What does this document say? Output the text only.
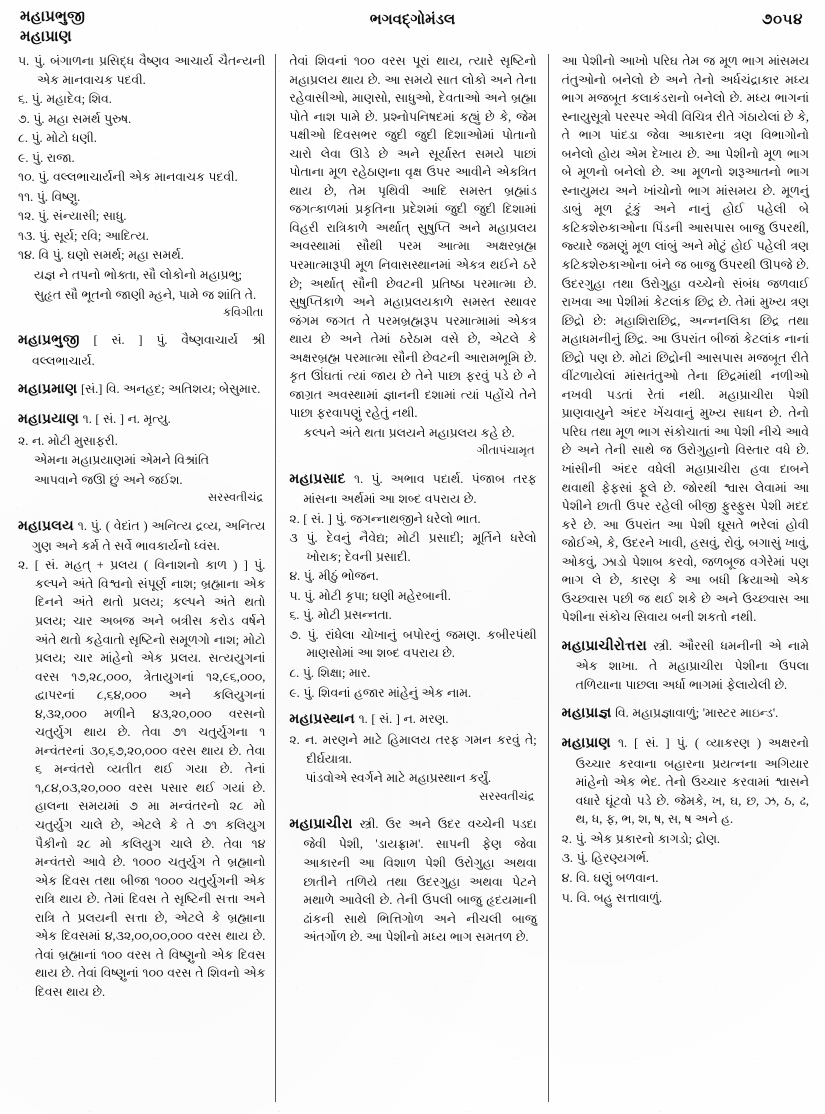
મહાપ્રભુજી
મહાપ્રાણ
ભગવદ્ગોમંડલ	૭૦૫૪

૫. પું. બંગાળના પ્રસિદ્ધ વૈષ્ણવ આચાર્ય ચૈતન્યની એક માનવાચક પદવી.

૬. પું. મહાદેવ; શિવ.

૭. પું. મહા સમર્થ પુરુષ.

૮. પું. મોટો ધણી.

૯. પું. રાજા.

૧૦. પું. વલ્લભાચાર્યની એક માનવાચક પદવી.

૧૧. પું. વિષ્ણુ.

૧૨. પું. સંન્યાસી; સાધુ.

૧૩. પું. સૂર્ય; રવિ; આદિત્ય.

૧૪. વિ પું. ઘણો સમર્થ; મહા સમર્થ.

યજ્ઞ ને તપનો ભોક્તા, સૌ લોકોનો મહાપ્રભુ;

સુહૃત સૌ ભૂતનો જાણી મ્હને, પામે જ શાંતિ તે.

કવિગીતા

મહાપ્રભુજી [ સં. ] પું. વૈષ્ણવાચાર્ય શ્રી વલ્લભાચાર્ય.

મહાપ્રમાણ [સં.] વિ. અનહદ; અતિશય; બેસુમાર.

મહાપ્રયાણ ૧. [ સં. ] ન. મૃત્યુ.

૨. ન. મોટી મુસાફરી.

એમના મહાપ્રયાણમાં એમને વિશ્રાંતિ

આપવાને જઊ છું અને જઈશ.

સરસ્વતીચંદ્ર

મહાપ્રલય ૧. પું. ( વેદાંત ) અનિત્ય દ્રવ્ય, અનિત્ય ગુણ અને કર્મ તે સર્વે ભાવકાર્યનો ધ્વંસ.

૨. [ સં. મહત્ + પ્રલય ( વિનાશનો કાળ ) ] પું. કલ્પને અંતે વિશ્વનો સંપૂર્ણ નાશ; બ્રહ્માના એક દિનને અંતે થતો પ્રલય; કલ્પને અંતે થતો પ્રલય; ચાર અબજ અને બત્રીસ કરોડ વર્ષને અંતે થતો કહેવાતો સૃષ્ટિનો સમૂળગો નાશ; મોટો પ્રલય; ચાર માંહેનો એક પ્રલય. સત્યયુગનાં વરસ ૧૭,૨૮,૦૦૦, ત્રેતાયુગનાં ૧૨,૯૬,૦૦૦, દ્વાપરનાં ૮,૬૪,૦૦૦ અને કલિયુગનાં ૪,૩૨,૦૦૦ મળીને ૪૩,૨૦,૦૦૦ વરસનો ચતુર્યુગ થાય છે. તેવા ૭૧ ચતુર્યુગના ૧ મન્વંતરનાં ૩૦,૬૭,૨૦,૦૦૦ વરસ થાય છે. તેવા ૬ મન્વંતરો વ્યતીત થઈ ગયા છે. તેનાં ૧,૮૪,૦૩,૨૦,૦૦૦ વરસ પસાર થઈ ગયાં છે. હાલના સમયમાં ૭ મા મન્વંતરનો ૨૮ મો ચતુર્યુગ ચાલે છે, એટલે કે તે ૭૧ કલિયુગ પૈકીનો ૨૮ મો કલિયુગ ચાલે છે. તેવા ૧૪ મન્વંતરો આવે છે. ૧૦૦૦ ચતુર્યુગ તે બ્રહ્માનો એક દિવસ તથા બીજા ૧૦૦૦ ચતુર્યુગની એક રાત્રિ થાય છે. તેમાં દિવસ તે સૃષ્ટિની સત્તા અને રાત્રિ તે પ્રલયની સત્તા છે, એટલે કે બ્રહ્માના એક દિવસમાં ૪,૩૨,૦૦,૦૦,૦૦૦ વરસ થાય છે. તેવાં બ્રહ્માનાં ૧૦૦ વરસ તે વિષ્ણુનો એક દિવસ થાય છે. તેવાં વિષ્ણુનાં ૧૦૦ વરસ તે શિવનો એક દિવસ થાય છે.

તેવાં શિવનાં ૧૦૦ વરસ પૂરાં થાય, ત્યારે સૃષ્ટિનો મહાપ્રલય થાય છે. આ સમયે સાત લોકો અને તેના રહેવાસીઓ, માણસો, સાધુઓ, દેવતાઓ અને બ્રહ્મા પોતે નાશ પામે છે. પ્રશ્નોપનિષદમાં કહ્યું છે કે, જેમ પક્ષીઓ દિવસભર જુદી જુદી દિશાઓમાં પોતાનો ચારો લેવા ઊડે છે અને સૂર્યાસ્ત સમયે પાછાં પોતાના મૂળ રહેઠાણના વૃક્ષ ઉપર આવીને એકત્રિત થાય છે, તેમ પૃથિવી આદિ સમસ્ત બ્રહ્માંડ જગત્કાળમાં પ્રકૃતિના પ્રદેશમાં જુદી જુદી દિશામાં વિહરી રાત્રિકાળે અર્થાત્ સુષુપ્તિ અને મહાપ્રલય અવસ્થામાં સૌથી પરમ આત્મા અક્ષરબ્રહ્મ પરમાત્મારૂપી મૂળ નિવાસસ્થાનમાં એકત્ર થઈને ઠરે છે; અર્થાત્ સૌની છેવટની પ્રતિષ્ઠા પરમાત્મા છે. સુષુપ્તિકાળે અને મહાપ્રલયકાળે સમસ્ત સ્થાવર જંગમ જગત તે પરમબ્રહ્મરૂપ પરમાત્મામાં એકત્ર થાય છે અને તેમાં ઠરેઠામ વસે છે, એટલે કે અક્ષરબ્રહ્મ પરમાત્મા સૌની છેવટની આરામભૂમિ છે. કૃત ઊંઘતાં ત્યાં જાય છે તેને પાછા ફરવું પડે છે ને જાગ્રત અવસ્થામાં જ્ઞાનની દશામાં ત્યાં પહોંચે તેને પાછા ફરવાપણું રહેતું નથી.

કલ્પને અંતે થતા પ્રલયને મહાપ્રલય કહે છે.

ગીતાપંચામૃત

મહાપ્રસાદ ૧. પું. અભાવ પદાર્થ. પંજાબ તરફ માંસના અર્થમાં આ શબ્દ વપરાય છે.

૨. [ સં. ] પું. જગન્નાથજીને ધરેલો ભાત.

૩ પું. દેવનું નૈવેદ્ય; મોટી પ્રસાદી; મૂર્તિને ધરેલો ખોરાક; દેવની પ્રસાદી.

૪. પું. મીઠું ભોજન.

૫. પું. મોટી કૃપા; ઘણી મહેરબાની.

૬. પું. મોટી પ્રસન્નતા.

૭. પું. રાંધેલા ચોખાનું બપોરનું જમણ. કબીરપંથી માણસોમાં આ શબ્દ વપરાય છે.

૮. પું. શિક્ષા; માર.

૯. પું. શિવનાં હજાર માંહેનું એક નામ.

મહાપ્રસ્થાન ૧. [ સં. ] ન. મરણ.

૨. ન. મરણને માટે હિમાલય તરફ ગમન કરવું તે; દીર્ઘયાત્રા.

પાંડવોએ સ્વર્ગને માટે મહાપ્રસ્થાન કર્યું.

સરસ્વતીચંદ્ર

મહાપ્રાચીરા સ્ત્રી. ઉર અને ઉદર વચ્ચેની પડદા જેવી પેશી, 'ડાયફ્રામ'. સાપની ફેણ જેવા આકારની આ વિશાળ પેશી ઉરોગુહા અથવા છાતીને તળિયે તથા ઉદરગુહા અથવા પેટને મથાળે આવેલી છે. તેની ઉપલી બાજુ હૃદયમાની ઢાંકની સાથે ભિત્તિગોળ અને નીચલી બાજુ અંતર્ગોળ છે. આ પેશીનો મધ્ય ભાગ સમતળ છે.

આ પેશીનો આખો પરિઘ તેમ જ મૂળ ભાગ માંસમય તંતુઓનો બનેલો છે અને તેનો અર્ધચંદ્રાકાર મધ્ય ભાગ મજબૂત કલાકંડરાનો બનેલો છે. મધ્ય ભાગનાં સ્નાયુસૂત્રો પરસ્પર એવી વિચિત્ર રીતે ગંઠાયેલાં છે કે, તે ભાગ પાંદડા જેવા આકારના ત્રણ વિભાગોનો બનેલો હોય એમ દેખાય છે. આ પેશીનો મૂળ ભાગ બે મૂળનો બનેલો છે. આ મૂળનો શરૂઆતનો ભાગ સ્નાયુમય અને ખાંચોનો ભાગ માંસમય છે. મૂળનું ડાબું મૂળ ટૂંકું અને નાનું હોઈ પહેલી બે કટિકશેરુકાઓના પિંડની આસપાસ બાજુ ઉપરથી, જ્યારે જમણું મૂળ લાંબું અને મોટું હોઈ પહેલી ત્રણ કટિકશેરુકાઓના બંને જ બાજુ ઉપરથી ઊપજે છે. ઉદરગુહા તથા ઉરોગુહા વચ્ચેનો સંબંધ જળવાઈ રાખવા આ પેશીમાં કેટલાંક છિદ્ર છે. તેમાં મુખ્ય ત્રણ છિદ્રો છે: મહાશિરાછિદ્ર, અન્નનલિકા છિદ્ર તથા મહાધમનીનું છિદ્ર. આ ઉપરાંત બીજાં કેટલાંક નાનાં છિદ્રો પણ છે. મોટાં છિદ્રોની આસપાસ મજબૂત રીતે વીંટળાયેલાં માંસતંતુઓ તેના છિદ્રમાંથી નળીઓ નખવી પડતાં રેતાં નથી. મહાપ્રાચીરા પેશી પ્રાણવાયુને અંદર ખેંચવાનું મુખ્ય સાધન છે. તેનો પરિઘ તથા મૂળ ભાગ સંકોચાતાં આ પેશી નીચે આવે છે અને તેની સાથે જ ઉરોગુહાનો વિસ્તાર વધે છે. ખાંસીની અંદર વધેલી મહાપ્રાચીરા હવા દાબને થવાથી ફેફસાં ફૂલે છે. જોરથી શ્વાસ લેવામાં આ પેશીને છાતી ઉપર રહેલી બીજી ફુસ્ફુસ પેશી મદદ કરે છે. આ ઉપરાંત આ પેશી ઘૂસતે ભરેલાં હોવી જોઈએ, કે, ઉદરને ખાવી, હસવું, રોવું, બગાસું ખાવું, ઓકવું, ઝાડો પેશાબ કરવો, જળબૂજ વગેરેમાં પણ ભાગ લે છે, કારણ કે આ બધી ક્રિયાઓ એક ઉચ્છ્વાસ પછી જ થઈ શકે છે અને ઉચ્છ્વાસ આ પેશીના સંકોચ સિવાય બની શકતો નથી.

મહાપ્રાચીરોત્તરા સ્ત્રી. ઔરસી ધમનીની એ નામે એક શાખા. તે મહાપ્રાચીરા પેશીના ઉપલા તળિયાના પાછલા અર્ધા ભાગમાં ફેલાયેલી છે.

મહાપ્રાજ્ઞ વિ. મહાપ્રજ્ઞાવાળું; 'માસ્ટર માઇન્ડ'.

મહાપ્રાણ ૧. [ સં. ] પું. ( વ્યાકરણ ) અક્ષરનો ઉચ્ચાર કરવાના બહારના પ્રયત્નના અગિયાર માંહેનો એક ભેદ. તેનો ઉચ્ચાર કરવામાં શ્વાસને વધારે ઘૂંટવો પડે છે. જેમકે, ખ, ઘ, છ, ઝ, ઠ, ઢ, થ, ધ, ફ, ભ, શ, ષ, સ, ષ અને હ.

૨. પું. એક પ્રકારનો કાગડો; દ્રોણ.

૩. પું. હિરણ્યગર્ભ.

૪. વિ. ઘણું બળવાન.

૫. વિ. બહુ સત્તાવાળું.
